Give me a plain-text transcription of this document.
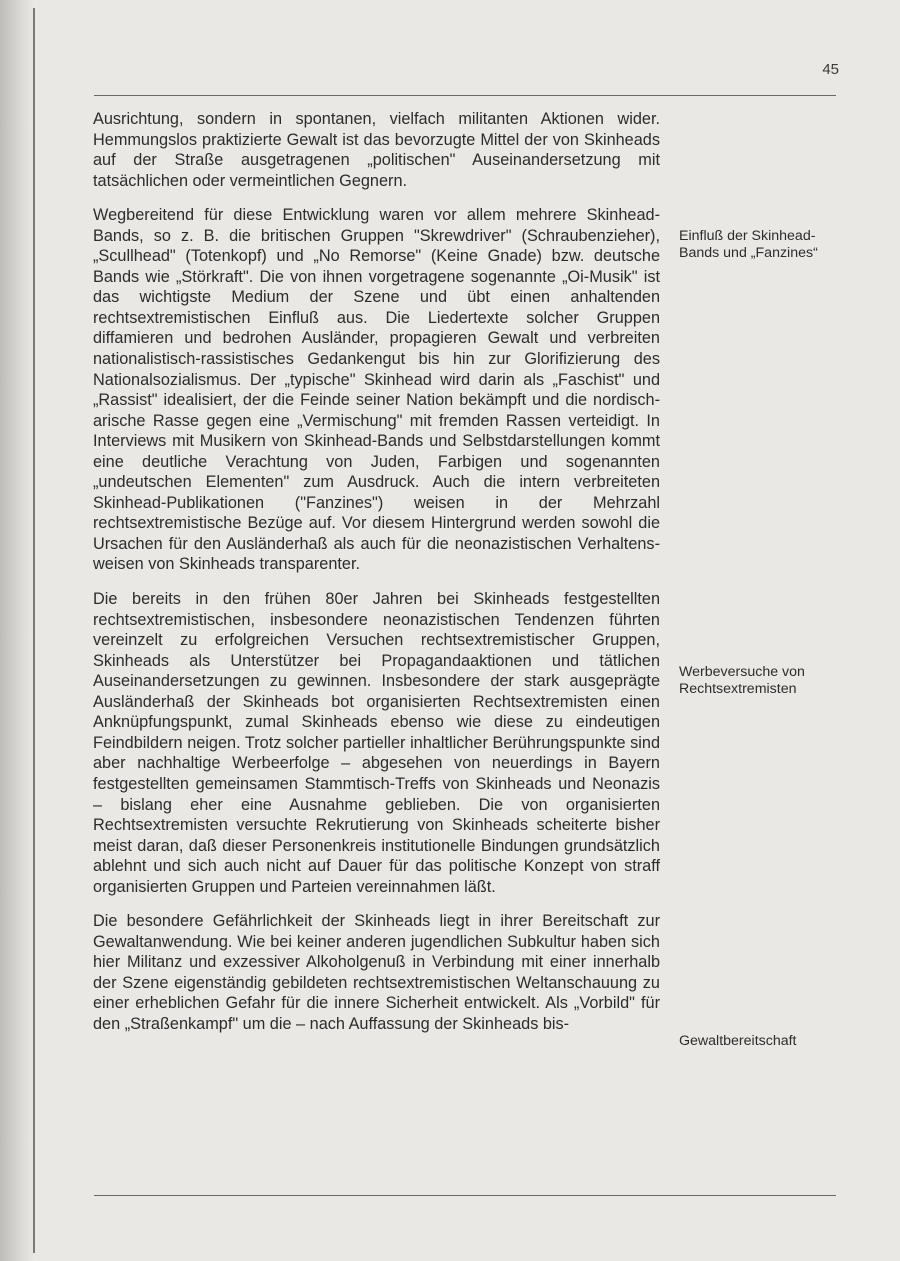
45

Ausrichtung, sondern in spontanen, vielfach militanten Aktionen wider. Hemmungslos praktizierte Gewalt ist das bevorzugte Mittel der von Skinheads auf der Straße ausgetragenen „politischen" Auseinandersetzung mit tatsächlichen oder vermeintlichen Gegnern.

Wegbereitend für diese Entwicklung waren vor allem mehrere Skinhead-Bands, so z. B. die britischen Gruppen "Skrewdriver" (Schraubenzieher), „Scullhead" (Totenkopf) und „No Remorse" (Keine Gnade) bzw. deutsche Bands wie „Störkraft". Die von ihnen vorgetragene sogenannte „Oi-Musik" ist das wichtigste Medium der Szene und übt einen anhaltenden rechtsextremistischen Einfluß aus. Die Liedertexte solcher Gruppen diffamieren und bedrohen Ausländer, propagieren Gewalt und verbreiten nationalistisch-rassistisches Gedankengut bis hin zur Glorifizierung des Nationalsozialismus. Der „typische" Skinhead wird darin als „Faschist" und „Rassist" idealisiert, der die Feinde seiner Nation bekämpft und die nordisch-arische Rasse gegen eine „Vermischung" mit fremden Rassen verteidigt. In Interviews mit Musikern von Skinhead-Bands und Selbstdarstellungen kommt eine deutliche Verachtung von Juden, Farbigen und sogenannten „undeutschen Elementen" zum Ausdruck. Auch die intern verbreiteten Skinhead-Publikationen ("Fanzines") weisen in der Mehrzahl rechtsextremistische Bezüge auf. Vor diesem Hintergrund werden sowohl die Ursachen für den Ausländerhaß als auch für die neonazistischen Verhaltensweisen von Skinheads transparenter.

Die bereits in den frühen 80er Jahren bei Skinheads festgestellten rechtsextremistischen, insbesondere neonazistischen Tendenzen führten vereinzelt zu erfolgreichen Versuchen rechtsextremistischer Gruppen, Skinheads als Unterstützer bei Propagandaaktionen und tätlichen Auseinandersetzungen zu gewinnen. Insbesondere der stark ausgeprägte Ausländerhaß der Skinheads bot organisierten Rechtsextremisten einen Anknüpfungspunkt, zumal Skinheads ebenso wie diese zu eindeutigen Feindbildern neigen. Trotz solcher partieller inhaltlicher Berührungspunkte sind aber nachhaltige Werbeerfolge – abgesehen von neuerdings in Bayern festgestellten gemeinsamen Stammtisch-Treffs von Skinheads und Neonazis – bislang eher eine Ausnahme geblieben. Die von organisierten Rechtsextremisten versuchte Rekrutierung von Skinheads scheiterte bisher meist daran, daß dieser Personenkreis institutionelle Bindungen grundsätzlich ablehnt und sich auch nicht auf Dauer für das politische Konzept von straff organisierten Gruppen und Parteien vereinnahmen läßt.

Die besondere Gefährlichkeit der Skinheads liegt in ihrer Bereitschaft zur Gewaltanwendung. Wie bei keiner anderen jugendlichen Subkultur haben sich hier Militanz und exzessiver Alkoholgenuß in Verbindung mit einer innerhalb der Szene eigenständig gebildeten rechtsextremistischen Weltanschauung zu einer erheblichen Gefahr für die innere Sicherheit entwickelt. Als „Vorbild" für den „Straßenkampf" um die – nach Auffassung der Skinheads bis-

Einfluß der Skinhead-Bands und „Fanzines“
Werbeversuche von Rechtsextremisten
Gewaltbereitschaft
